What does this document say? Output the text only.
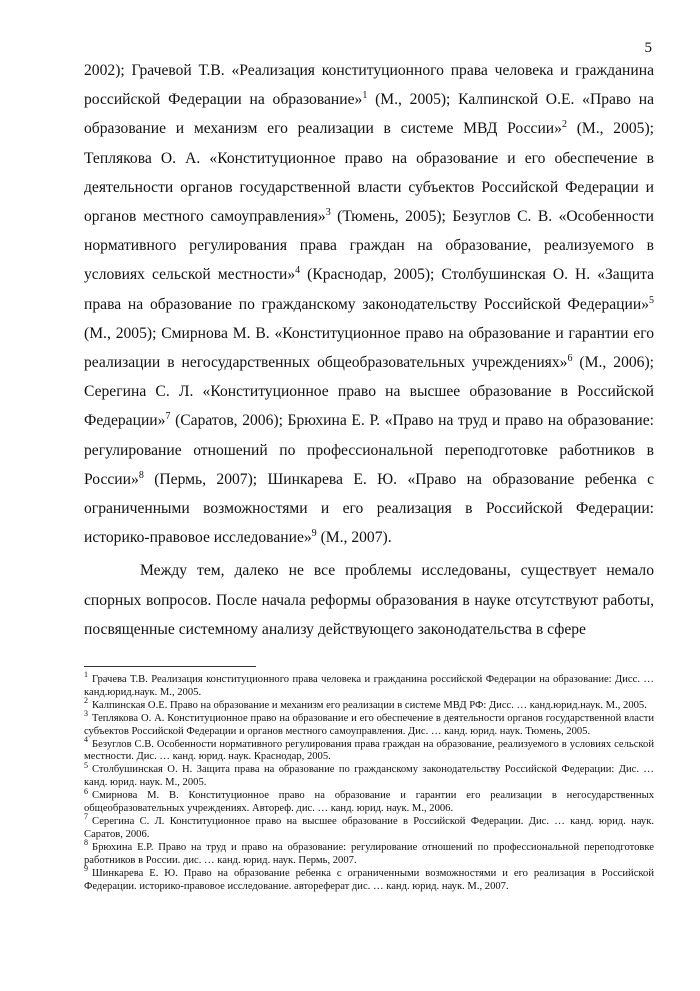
5

2002); Грачевой Т.В. «Реализация конституционного права человека и гражданина российской Федерации на образование»$^1$ (М., 2005); Калпинской О.Е. «Право на образование и механизм его реализации в системе МВД России»$^2$ (М., 2005); Теплякова О. А. «Конституционное право на образование и его обеспечение в деятельности органов государственной власти субъектов Российской Федерации и органов местного самоуправления»$^3$ (Тюмень, 2005); Безуглов С. В. «Особенности нормативного регулирования права граждан на образование, реализуемого в условиях сельской местности»$^4$ (Краснодар, 2005); Столбушинская О. Н. «Защита права на образование по гражданскому законодательству Российской Федерации»$^5$ (М., 2005); Смирнова М. В. «Конституционное право на образование и гарантии его реализации в негосударственных общеобразовательных учреждениях»$^6$ (М., 2006); Серегина С. Л. «Конституционное право на высшее образование в Российской Федерации»$^7$ (Саратов, 2006); Брюхина Е. Р. «Право на труд и право на образование: регулирование отношений по профессиональной переподготовке работников в России»$^8$ (Пермь, 2007); Шинкарева Е. Ю. «Право на образование ребенка с ограниченными возможностями и его реализация в Российской Федерации: историко-правовое исследование»$^9$ (М., 2007).

Между тем, далеко не все проблемы исследованы, существует немало спорных вопросов. После начала реформы образования в науке отсутствуют работы, посвященные системному анализу действующего законодательства в сфере

$^1$ Грачева Т.В. Реализация конституционного права человека и гражданина российской Федерации на образование: Дисс. … канд.юрид.наук. М., 2005.

$^2$ Калпинская О.Е. Право на образование и механизм его реализации в системе МВД РФ: Дисс. … канд.юрид.наук. М., 2005.

$^3$ Теплякова О. А. Конституционное право на образование и его обеспечение в деятельности органов государственной власти субъектов Российской Федерации и органов местного самоуправления. Дис. … канд. юрид. наук. Тюмень, 2005.

$^4$ Безуглов С.В. Особенности нормативного регулирования права граждан на образование, реализуемого в условиях сельской местности. Дис. … канд. юрид. наук. Краснодар, 2005.

$^5$ Столбушинская О. Н. Защита права на образование по гражданскому законодательству Российской Федерации: Дис. … канд. юрид. наук. М., 2005.

$^6$ Смирнова М. В. Конституционное право на образование и гарантии его реализации в негосударственных общеобразовательных учреждениях. Автореф. дис. … канд. юрид. наук. М., 2006.

$^7$ Серегина С. Л. Конституционное право на высшее образование в Российской Федерации. Дис. … канд. юрид. наук. Саратов, 2006.

$^8$ Брюхина Е.Р. Право на труд и право на образование: регулирование отношений по профессиональной переподготовке работников в России. дис. … канд. юрид. наук. Пермь, 2007.

$^9$ Шинкарева Е. Ю. Право на образование ребенка с ограниченными возможностями и его реализация в Российской Федерации. историко-правовое исследование. автореферат дис. … канд. юрид. наук. М., 2007.
